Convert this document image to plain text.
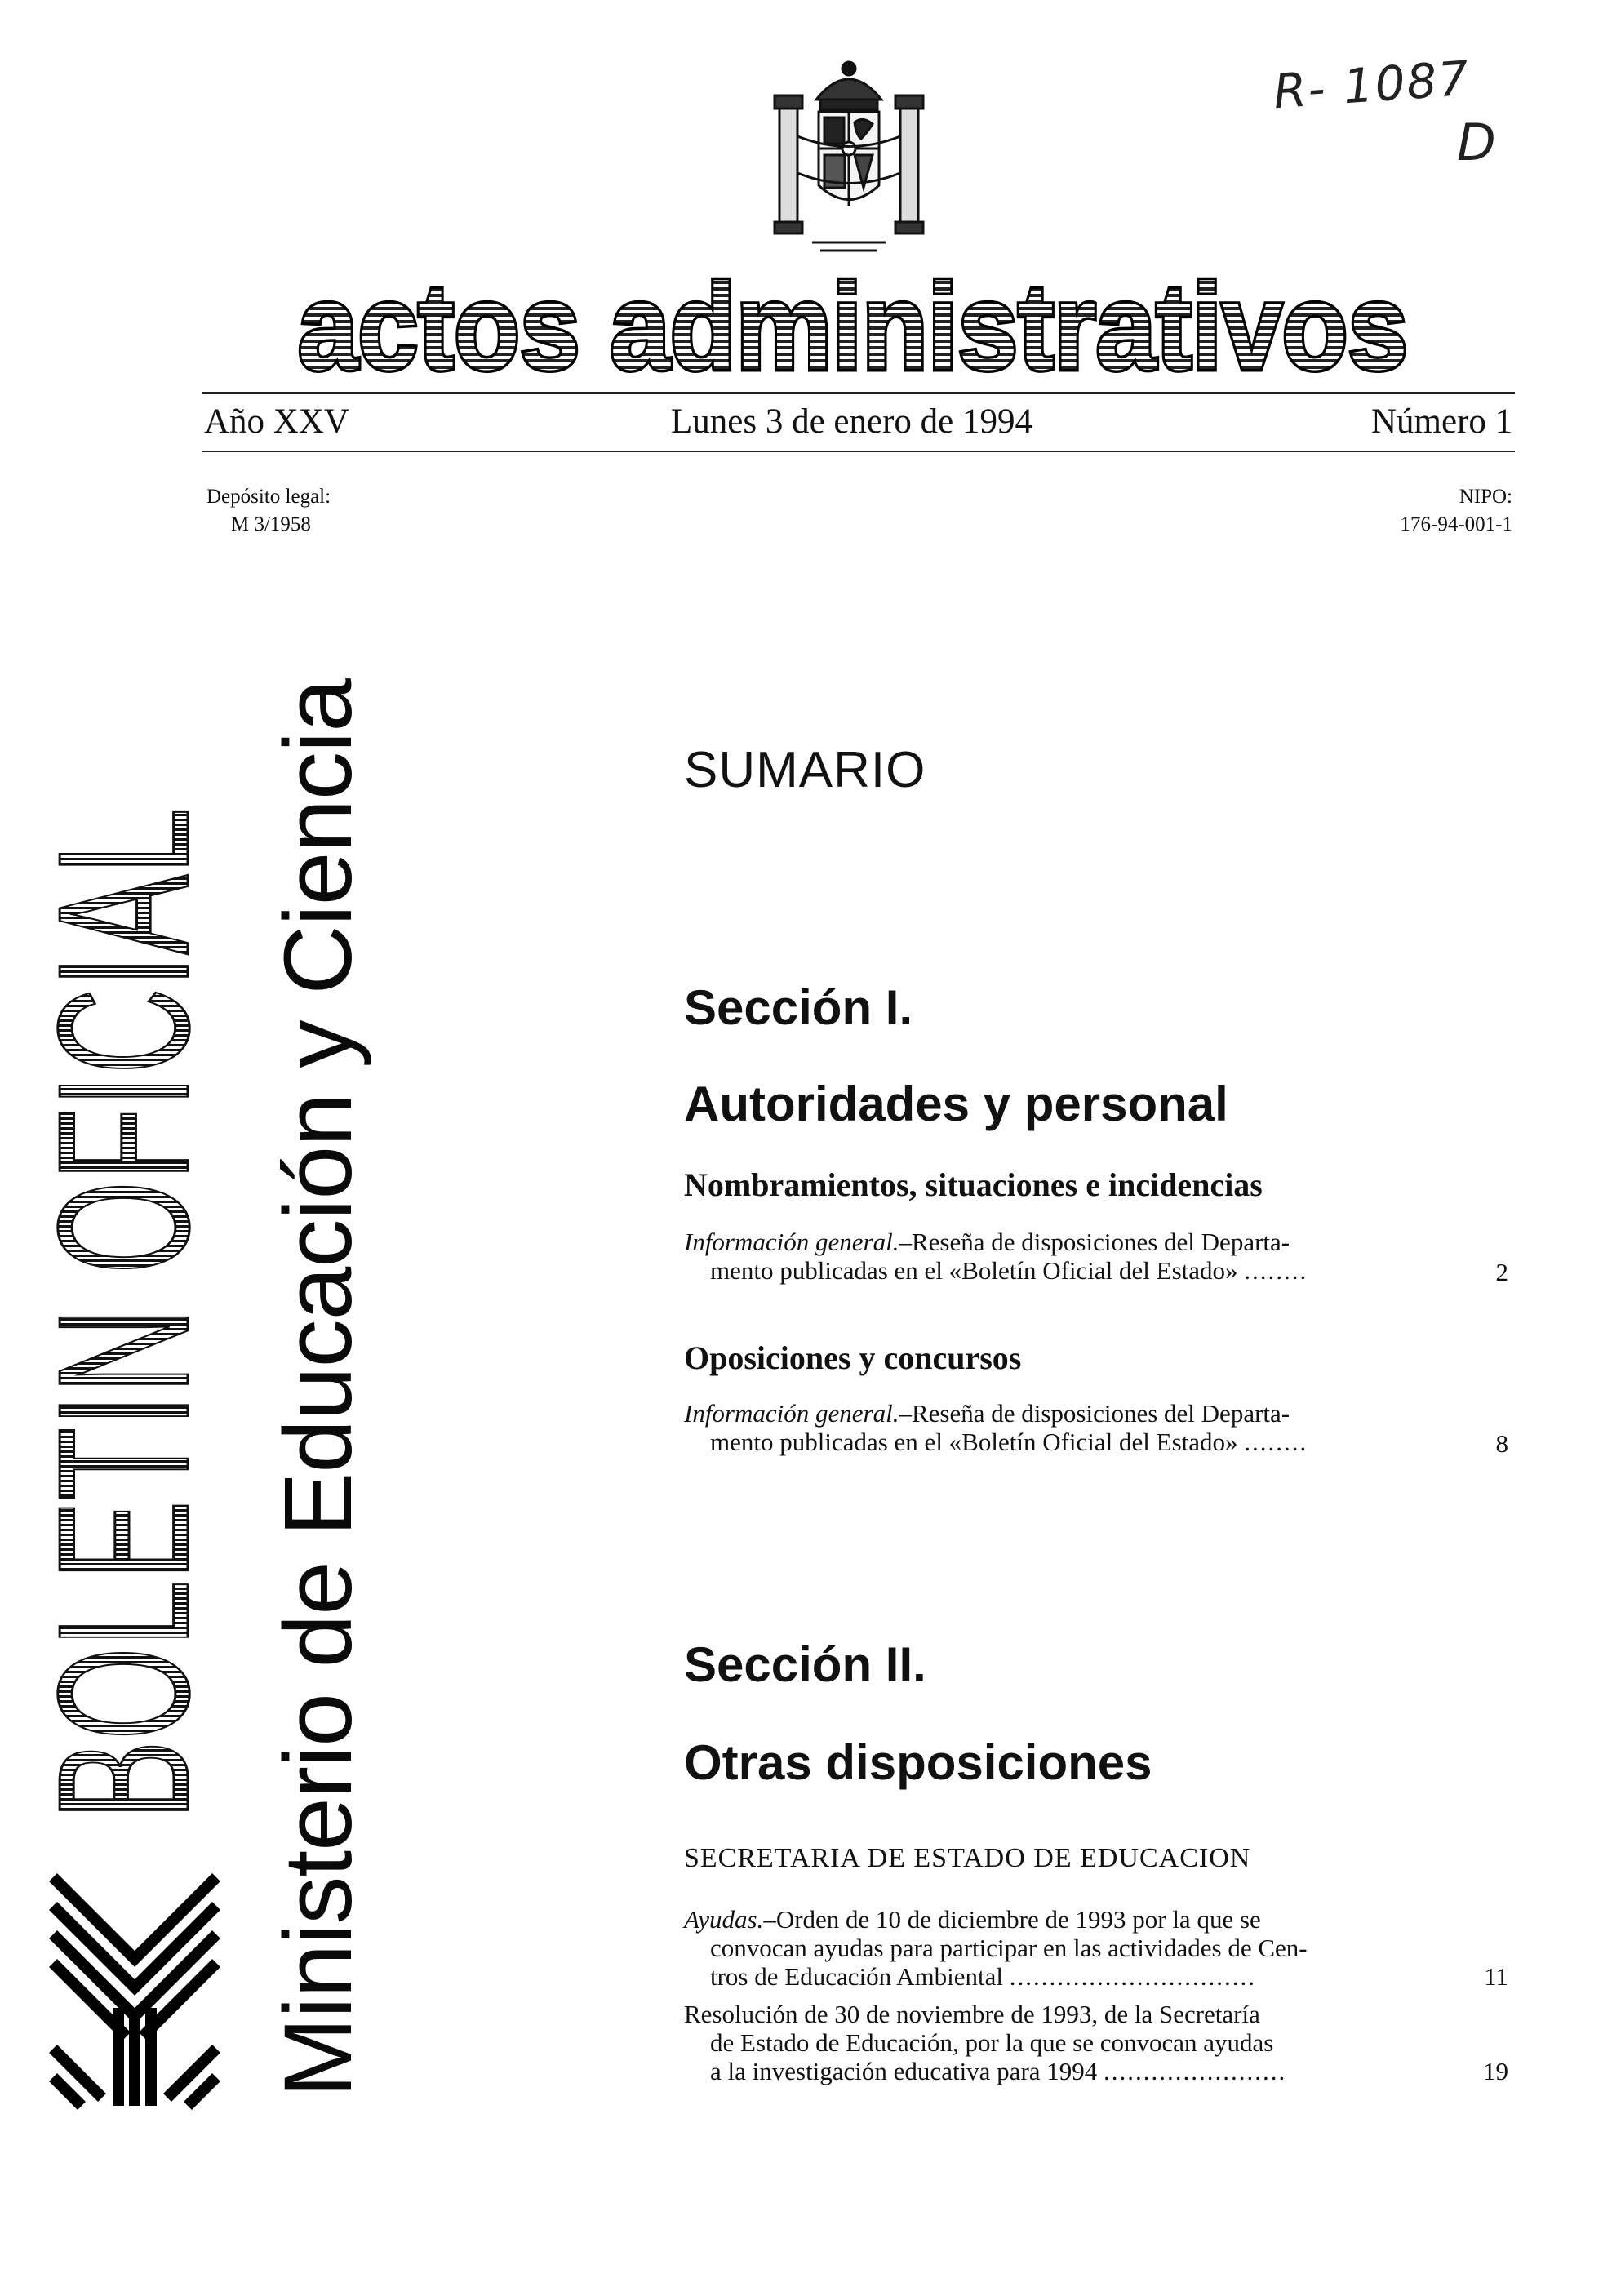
R- 1087
D
actos administrativos
Año XXV	Lunes 3 de enero de 1994	Número 1
Depósito legal:
M 3/1958
NIPO:
176-94-001-1
BOLETIN OFICIAL Ministerio de Educación y Ciencia	SUMARIO
Sección I.
Autoridades y personal
Nombramientos, situaciones e incidencias
Información general.–Reseña de disposiciones del Departa-
mento publicadas en el «Boletín Oficial del Estado» ........	2
Oposiciones y concursos
Información general.–Reseña de disposiciones del Departa-
mento publicadas en el «Boletín Oficial del Estado» ........	8
Sección II.
Otras disposiciones
SECRETARIA DE ESTADO DE EDUCACION
Ayudas.–Orden de 10 de diciembre de 1993 por la que se
convocan ayudas para participar en las actividades de Cen-
tros de Educación Ambiental ...............................	11
Resolución de 30 de noviembre de 1993, de la Secretaría
de Estado de Educación, por la que se convocan ayudas
a la investigación educativa para 1994 .......................	19
